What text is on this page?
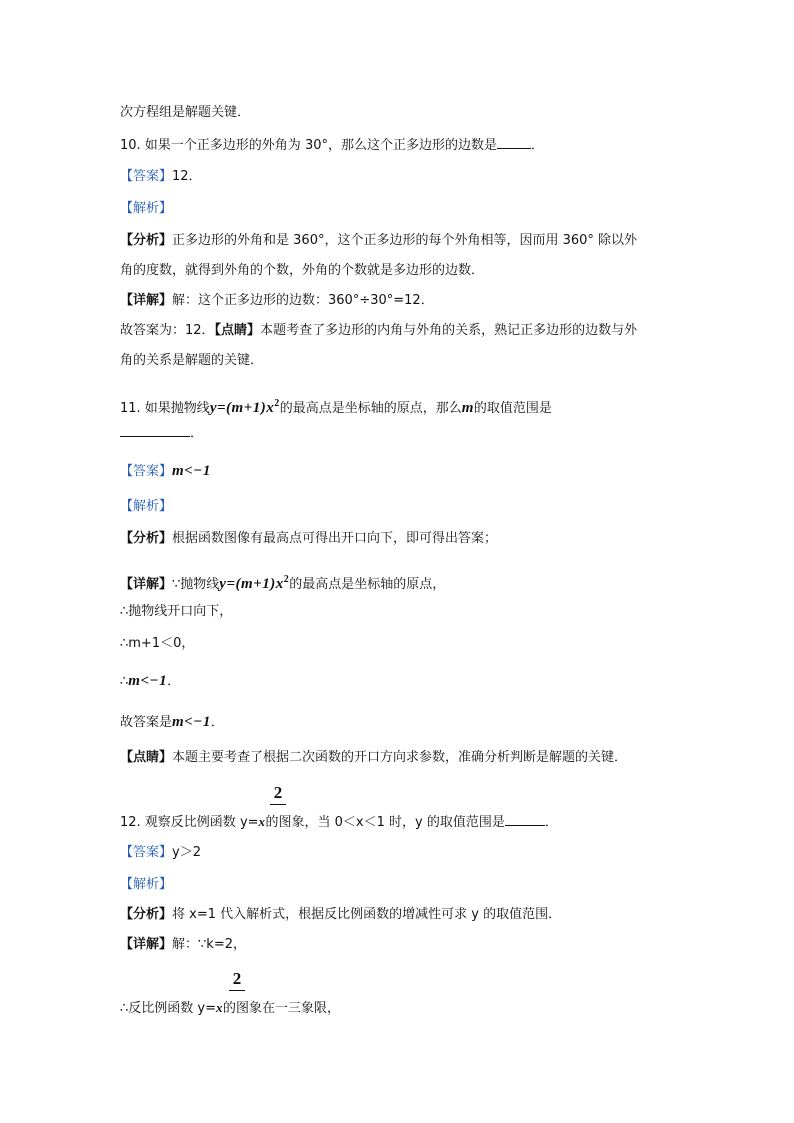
次方程组是解题关键．
10. 如果一个正多边形的外角为 30°，那么这个正多边形的边数是	．
【答案】12．
【解析】
【分析】正多边形的外角和是 360°，这个正多边形的每个外角相等，因而用 360° 除以外
角的度数，就得到外角的个数，外角的个数就是多边形的边数．
【详解】解：这个正多边形的边数：360°÷30°=12．
故答案为：12．【点睛】本题考查了多边形的内角与外角的关系，熟记正多边形的边数与外
角的关系是解题的关键．
11. 如果抛物线$y=(m+1)x^2$的最高点是坐标轴的原点，那么m的取值范围是
．
【答案】m<−1
【解析】
【分析】根据函数图像有最高点可得出开口向下，即可得出答案；
【详解】∵抛物线$y=(m+1)x^2$的最高点是坐标轴的原点，
∴抛物线开口向下，
∴m+1＜0，
∴m<−1．
故答案是m<−1．
【点睛】本题主要考查了根据二次函数的开口方向求参数，准确分析判断是解题的关键．
2
12. 观察反比例函数 y=x的图象，当 0＜x＜1 时，y 的取值范围是	．
【答案】y＞2
【解析】
【分析】将 x=1 代入解析式，根据反比例函数的增减性可求 y 的取值范围．
【详解】解：∵k=2，
2
∴反比例函数 y=x的图象在一三象限，
